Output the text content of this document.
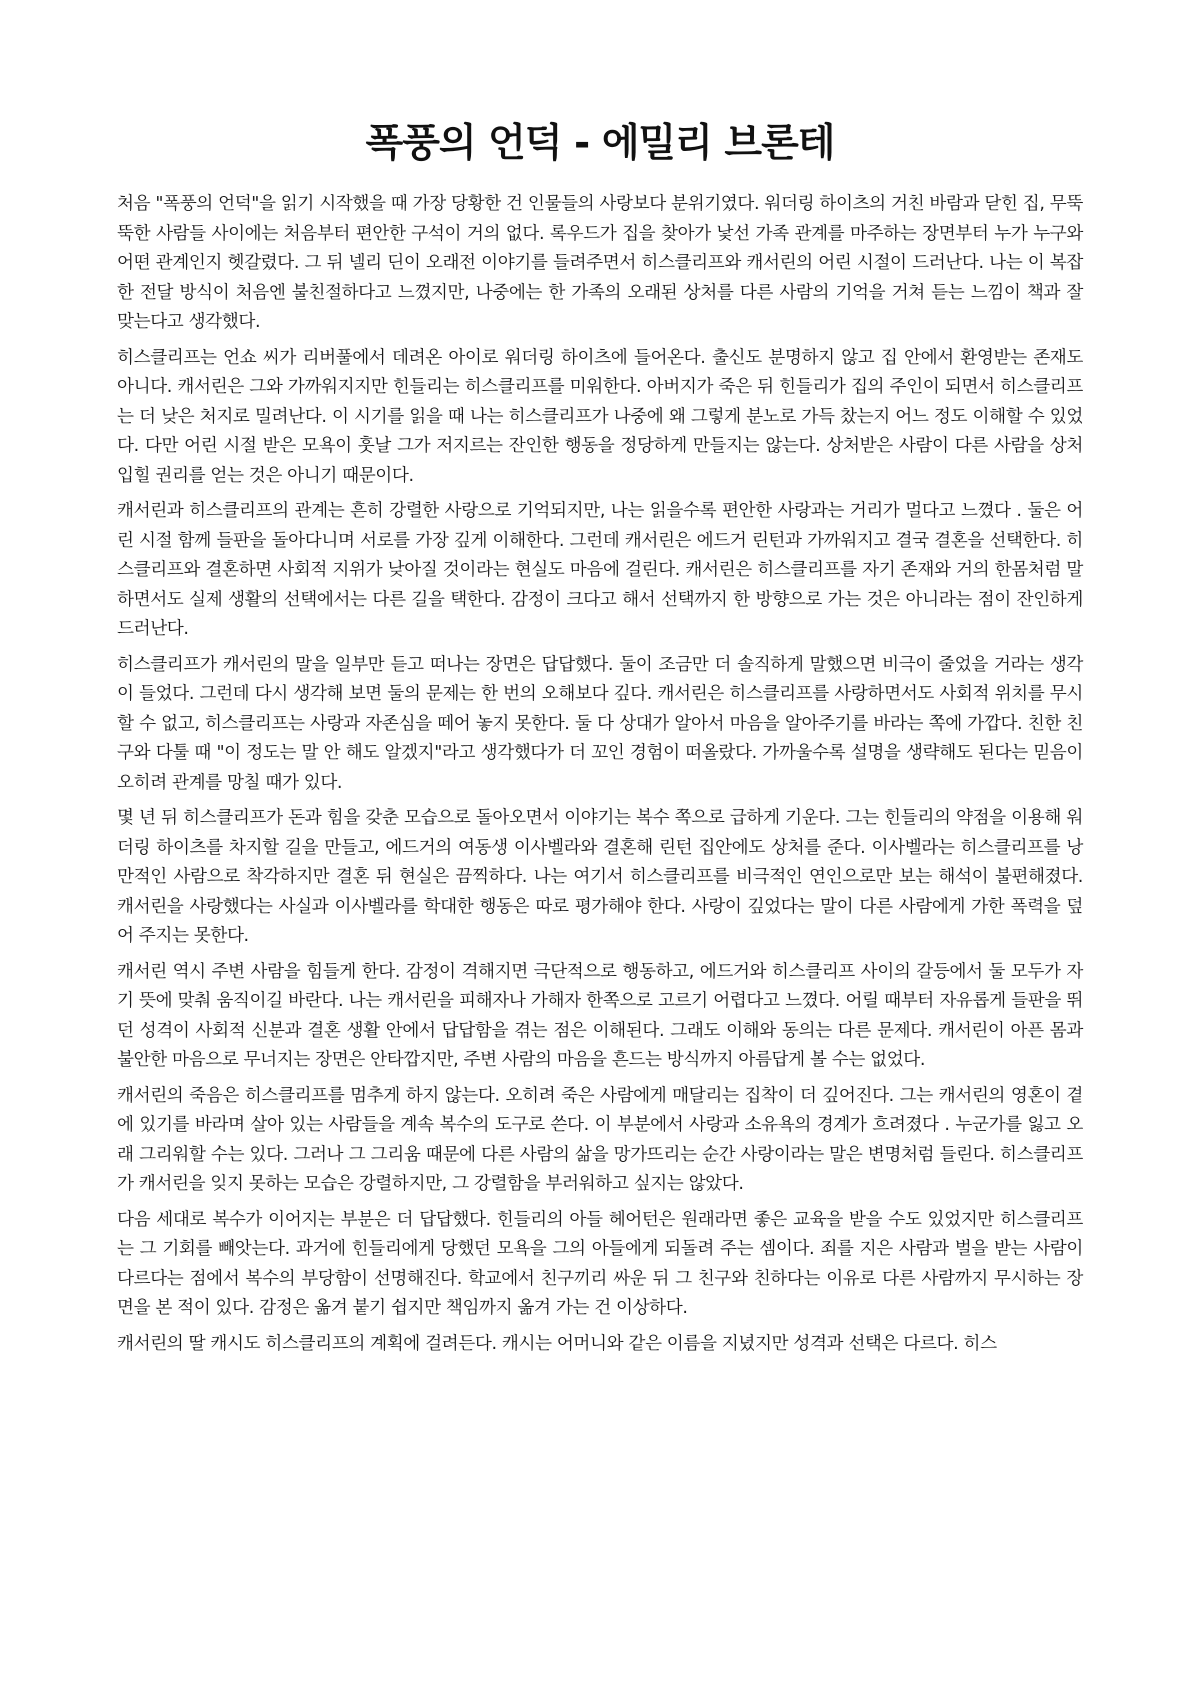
폭풍의 언덕 - 에밀리 브론테

처음 "폭풍의 언덕"을 읽기 시작했을 때 가장 당황한 건 인물들의 사랑보다 분위기였다. 워더링 하이츠의 거친 바람과 닫힌 집, 무뚝뚝한 사람들 사이에는 처음부터 편안한 구석이 거의 없다. 록우드가 집을 찾아가 낯선 가족 관계를 마주하는 장면부터 누가 누구와 어떤 관계인지 헷갈렸다. 그 뒤 넬리 딘이 오래전 이야기를 들려주면서 히스클리프와 캐서린의 어린 시절이 드러난다. 나는 이 복잡한 전달 방식이 처음엔 불친절하다고 느꼈지만, 나중에는 한 가족의 오래된 상처를 다른 사람의 기억을 거쳐 듣는 느낌이 책과 잘 맞는다고 생각했다.

히스클리프는 언쇼 씨가 리버풀에서 데려온 아이로 워더링 하이츠에 들어온다. 출신도 분명하지 않고 집 안에서 환영받는 존재도 아니다. 캐서린은 그와 가까워지지만 힌들리는 히스클리프를 미워한다. 아버지가 죽은 뒤 힌들리가 집의 주인이 되면서 히스클리프는 더 낮은 처지로 밀려난다. 이 시기를 읽을 때 나는 히스클리프가 나중에 왜 그렇게 분노로 가득 찼는지 어느 정도 이해할 수 있었다. 다만 어린 시절 받은 모욕이 훗날 그가 저지르는 잔인한 행동을 정당하게 만들지는 않는다. 상처받은 사람이 다른 사람을 상처 입힐 권리를 얻는 것은 아니기 때문이다.

캐서린과 히스클리프의 관계는 흔히 강렬한 사랑으로 기억되지만, 나는 읽을수록 편안한 사랑과는 거리가 멀다고 느꼈다 . 둘은 어린 시절 함께 들판을 돌아다니며 서로를 가장 깊게 이해한다. 그런데 캐서린은 에드거 린턴과 가까워지고 결국 결혼을 선택한다. 히스클리프와 결혼하면 사회적 지위가 낮아질 것이라는 현실도 마음에 걸린다. 캐서린은 히스클리프를 자기 존재와 거의 한몸처럼 말하면서도 실제 생활의 선택에서는 다른 길을 택한다. 감정이 크다고 해서 선택까지 한 방향으로 가는 것은 아니라는 점이 잔인하게 드러난다.

히스클리프가 캐서린의 말을 일부만 듣고 떠나는 장면은 답답했다. 둘이 조금만 더 솔직하게 말했으면 비극이 줄었을 거라는 생각이 들었다. 그런데 다시 생각해 보면 둘의 문제는 한 번의 오해보다 깊다. 캐서린은 히스클리프를 사랑하면서도 사회적 위치를 무시할 수 없고, 히스클리프는 사랑과 자존심을 떼어 놓지 못한다. 둘 다 상대가 알아서 마음을 알아주기를 바라는 쪽에 가깝다. 친한 친구와 다툴 때 "이 정도는 말 안 해도 알겠지"라고 생각했다가 더 꼬인 경험이 떠올랐다. 가까울수록 설명을 생략해도 된다는 믿음이 오히려 관계를 망칠 때가 있다.

몇 년 뒤 히스클리프가 돈과 힘을 갖춘 모습으로 돌아오면서 이야기는 복수 쪽으로 급하게 기운다. 그는 힌들리의 약점을 이용해 워더링 하이츠를 차지할 길을 만들고, 에드거의 여동생 이사벨라와 결혼해 린턴 집안에도 상처를 준다. 이사벨라는 히스클리프를 낭만적인 사람으로 착각하지만 결혼 뒤 현실은 끔찍하다. 나는 여기서 히스클리프를 비극적인 연인으로만 보는 해석이 불편해졌다. 캐서린을 사랑했다는 사실과 이사벨라를 학대한 행동은 따로 평가해야 한다. 사랑이 깊었다는 말이 다른 사람에게 가한 폭력을 덮어 주지는 못한다.

캐서린 역시 주변 사람을 힘들게 한다. 감정이 격해지면 극단적으로 행동하고, 에드거와 히스클리프 사이의 갈등에서 둘 모두가 자기 뜻에 맞춰 움직이길 바란다. 나는 캐서린을 피해자나 가해자 한쪽으로 고르기 어렵다고 느꼈다. 어릴 때부터 자유롭게 들판을 뛰던 성격이 사회적 신분과 결혼 생활 안에서 답답함을 겪는 점은 이해된다. 그래도 이해와 동의는 다른 문제다. 캐서린이 아픈 몸과 불안한 마음으로 무너지는 장면은 안타깝지만, 주변 사람의 마음을 흔드는 방식까지 아름답게 볼 수는 없었다.

캐서린의 죽음은 히스클리프를 멈추게 하지 않는다. 오히려 죽은 사람에게 매달리는 집착이 더 깊어진다. 그는 캐서린의 영혼이 곁에 있기를 바라며 살아 있는 사람들을 계속 복수의 도구로 쓴다. 이 부분에서 사랑과 소유욕의 경계가 흐려졌다 . 누군가를 잃고 오래 그리워할 수는 있다. 그러나 그 그리움 때문에 다른 사람의 삶을 망가뜨리는 순간 사랑이라는 말은 변명처럼 들린다. 히스클리프가 캐서린을 잊지 못하는 모습은 강렬하지만, 그 강렬함을 부러워하고 싶지는 않았다.

다음 세대로 복수가 이어지는 부분은 더 답답했다. 힌들리의 아들 헤어턴은 원래라면 좋은 교육을 받을 수도 있었지만 히스클리프는 그 기회를 빼앗는다. 과거에 힌들리에게 당했던 모욕을 그의 아들에게 되돌려 주는 셈이다. 죄를 지은 사람과 벌을 받는 사람이 다르다는 점에서 복수의 부당함이 선명해진다. 학교에서 친구끼리 싸운 뒤 그 친구와 친하다는 이유로 다른 사람까지 무시하는 장면을 본 적이 있다. 감정은 옮겨 붙기 쉽지만 책임까지 옮겨 가는 건 이상하다.

캐서린의 딸 캐시도 히스클리프의 계획에 걸려든다. 캐시는 어머니와 같은 이름을 지녔지만 성격과 선택은 다르다. 히스
